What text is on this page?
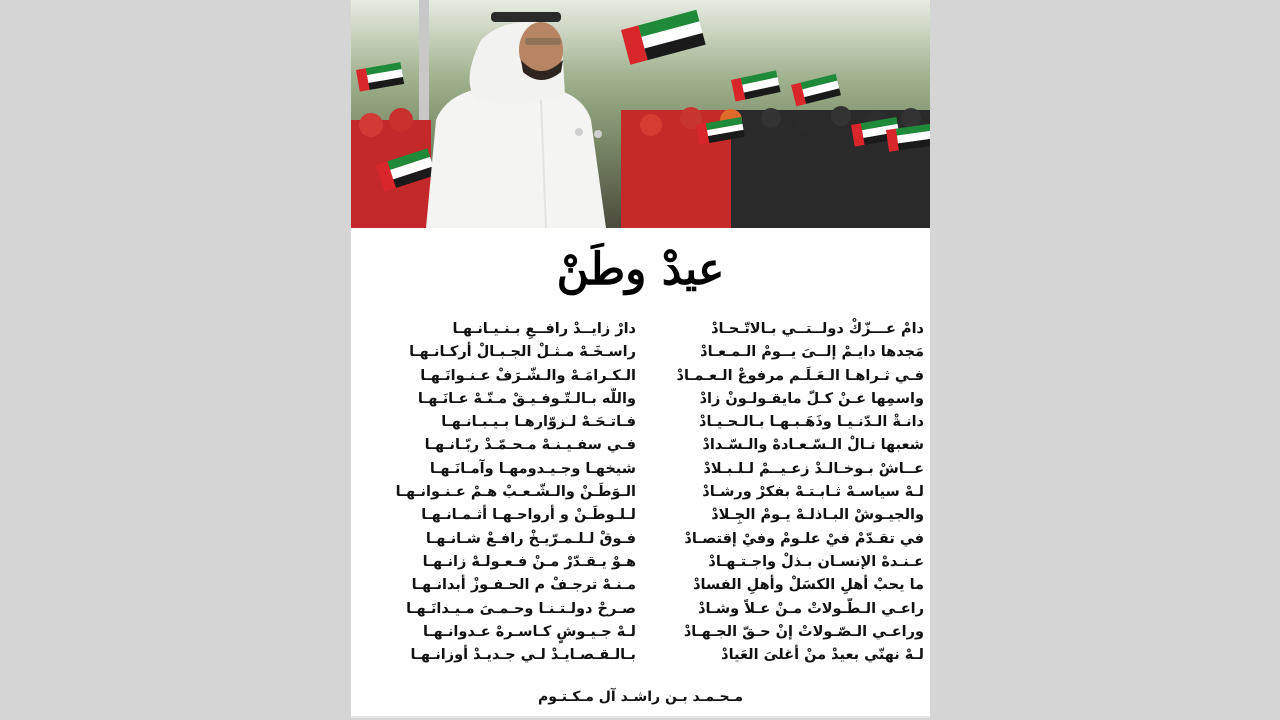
عيدْ وطَنْ
دامْ عـــزّكْ دولــتــي بـالاتّـحـادْ
مَجدها دايـمْ إلــىَ يــومْ الـمـعـادْ
فـي ثـراهـا الـعَـلَـم مرفوعْ الـعـمـادْ
واسمِها عـنْ كـلّ مايقـولـونْ زادْ
دانـةْ الـدّنـيـا وذَهَـبـهـا بـالـحـيـادْ
شعبها نـالْ الـسّـعـادهْ والـسّـدادْ
عــاشْ بـوخـالـدْ زعـيــمْ لـلـبـلادْ
لـهْ سياسـهْ ثـابـتـهْ بفكرْ ورشـادْ
والجيـوشْ البـاذلـهْ يـومْ الجِـلادْ
في تقـدّمْ فيْ علـومْ وفيْ إقتصـادْ
عـنـدهْ الإنسـان بـذلْ واجـتـهـادْ
ما يحبْ أهلِ الكسَلْ وأهلِ الفسادْ
راعـي الـطّـولاتْ مـنْ عـلاً وشـادْ
وراعـي الـصّـولاتْ إنْ حـقّ الجـهـادْ
لـهْ نهنّي بعيدْ منْ أغلىَ العَيادْ
دارْ زايــدْ رافــعِ بـنـيـانـهـا
راسـخَـهْ مـثـلْ الجـبـالْ أركـانـهـا
الـكـرامَـهْ والـشّـرَفْ عـنـوانَـهـا
واللّه بـالـتّـوفـيـقْ مـنّـهْ عـانَـهـا
فـاتـحَـهْ لـزوّارهـا بـيـبـانـهـا
فـي سفـيـنـهْ مـحـمّـدْ ربّـانـهـا
شيخهـا وجـيـدومهـا وآمـانَـهـا
الـوَطَـنْ والـشّـعـبْ هـمْ عـنـوانـهـا
لـلـوطَـنْ و أرواحـهـا أثـمـانـهـا
فـوقْ لـلـمـرّيـخْ رافـعْ شـانـهـا
هـوْ يـقـدّرْ مـنْ فـعـولـهْ زانـهـا
مـنـهْ ترجـفْ م الحـفـوزْ أبدانـهـا
صـرحْ دولـتـنـا وحـمـىَ مـيـدانَـهـا
لـهْ جـيـوشٍ كـاسـرهْ عـدوانـهـا
بـالـقـصـايـدْ لـي جـديـدْ أوزانـهـا
مـحـمـد بـن راشـد آل مـكـتـوم
